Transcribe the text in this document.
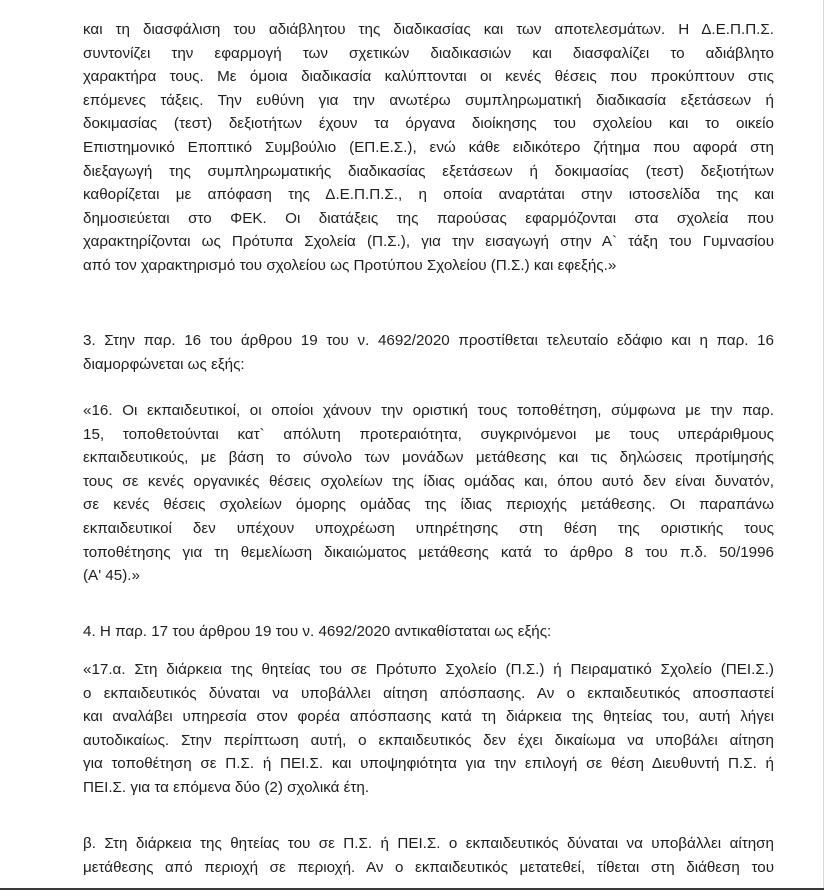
και τη διασφάλιση του αδιάβλητου της διαδικασίας και των αποτελεσμάτων. Η Δ.Ε.Π.Π.Σ.
συντονίζει την εφαρμογή των σχετικών διαδικασιών και διασφαλίζει το αδιάβλητο
χαρακτήρα τους. Με όμοια διαδικασία καλύπτονται οι κενές θέσεις που προκύπτουν στις
επόμενες τάξεις. Την ευθύνη για την ανωτέρω συμπληρωματική διαδικασία εξετάσεων ή
δοκιμασίας (τεστ) δεξιοτήτων έχουν τα όργανα διοίκησης του σχολείου και το οικείο
Επιστημονικό Εποπτικό Συμβούλιο (ΕΠ.Ε.Σ.), ενώ κάθε ειδικότερο ζήτημα που αφορά στη
διεξαγωγή της συμπληρωματικής διαδικασίας εξετάσεων ή δοκιμασίας (τεστ) δεξιοτήτων
καθορίζεται με απόφαση της Δ.Ε.Π.Π.Σ., η οποία αναρτάται στην ιστοσελίδα της και
δημοσιεύεται στο ΦΕΚ. Οι διατάξεις της παρούσας εφαρμόζονται στα σχολεία που
χαρακτηρίζονται ως Πρότυπα Σχολεία (Π.Σ.), για την εισαγωγή στην Α` τάξη του Γυμνασίου
από τον χαρακτηρισμό του σχολείου ως Προτύπου Σχολείου (Π.Σ.) και εφεξής.»
3. Στην παρ. 16 του άρθρου 19 του ν. 4692/2020 προστίθεται τελευταίο εδάφιο και η παρ. 16
διαμορφώνεται ως εξής:
«16. Οι εκπαιδευτικοί, οι οποίοι χάνουν την οριστική τους τοποθέτηση, σύμφωνα με την παρ.
15, τοποθετούνται κατ` απόλυτη προτεραιότητα, συγκρινόμενοι με τους υπεράριθμους
εκπαιδευτικούς, με βάση το σύνολο των μονάδων μετάθεσης και τις δηλώσεις προτίμησής
τους σε κενές οργανικές θέσεις σχολείων της ίδιας ομάδας και, όπου αυτό δεν είναι δυνατόν,
σε κενές θέσεις σχολείων όμορης ομάδας της ίδιας περιοχής μετάθεσης. Οι παραπάνω
εκπαιδευτικοί δεν υπέχουν υποχρέωση υπηρέτησης στη θέση της οριστικής τους
τοποθέτησης για τη θεμελίωση δικαιώματος μετάθεσης κατά το άρθρο 8 του π.δ. 50/1996
(Α' 45).»
4. Η παρ. 17 του άρθρου 19 του ν. 4692/2020 αντικαθίσταται ως εξής:
«17.α. Στη διάρκεια της θητείας του σε Πρότυπο Σχολείο (Π.Σ.) ή Πειραματικό Σχολείο (ΠΕΙ.Σ.)
ο εκπαιδευτικός δύναται να υποβάλλει αίτηση απόσπασης. Αν ο εκπαιδευτικός αποσπαστεί
και αναλάβει υπηρεσία στον φορέα απόσπασης κατά τη διάρκεια της θητείας του, αυτή λήγει
αυτοδικαίως. Στην περίπτωση αυτή, ο εκπαιδευτικός δεν έχει δικαίωμα να υποβάλει αίτηση
για τοποθέτηση σε Π.Σ. ή ΠΕΙ.Σ. και υποψηφιότητα για την επιλογή σε θέση Διευθυντή Π.Σ. ή
ΠΕΙ.Σ. για τα επόμενα δύο (2) σχολικά έτη.
β. Στη διάρκεια της θητείας του σε Π.Σ. ή ΠΕΙ.Σ. ο εκπαιδευτικός δύναται να υποβάλλει αίτηση
μετάθεσης από περιοχή σε περιοχή. Αν ο εκπαιδευτικός μετατεθεί, τίθεται στη διάθεση του
